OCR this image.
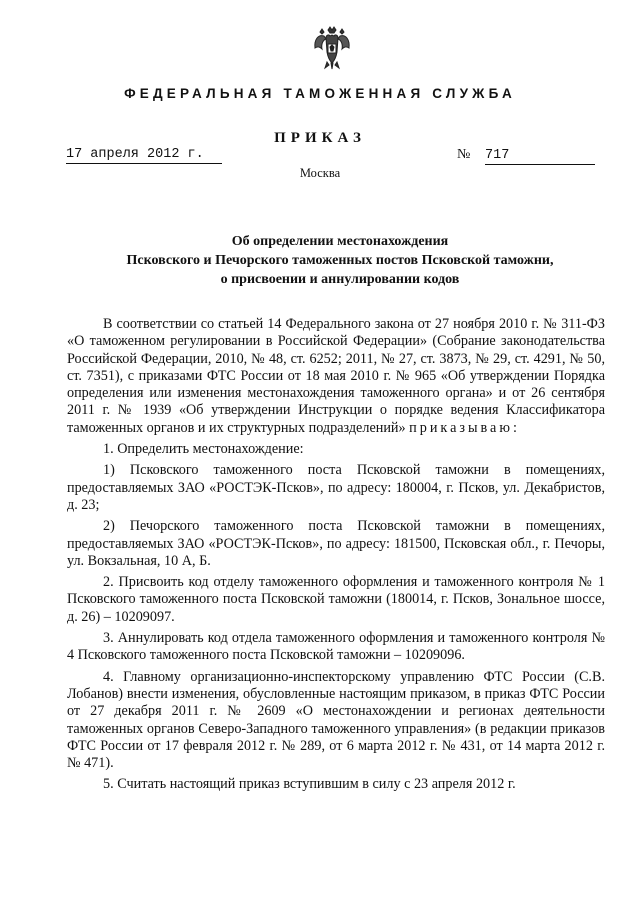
ФЕДЕРАЛЬНАЯ ТАМОЖЕННАЯ СЛУЖБА
ПРИКАЗ
17 апреля 2012 г.	№ 717
Москва
Об определении местонахождения
Псковского и Печорского таможенных постов Псковской таможни,
о присвоении и аннулировании кодов

В соответствии со статьей 14 Федерального закона от 27 ноября 2010 г. № 311-ФЗ «О таможенном регулировании в Российской Федерации» (Собрание законодательства Российской Федерации, 2010, № 48, ст. 6252; 2011, № 27, ст. 3873, № 29, ст. 4291, № 50, ст. 7351), с приказами ФТС России от 18 мая 2010 г. № 965 «Об утверждении Порядка определения или изменения местонахождения таможенного органа» и от 26 сентября 2011 г. № 1939 «Об утверждении Инструкции о порядке ведения Классификатора таможенных органов и их структурных подразделений» приказываю:

1. Определить местонахождение:

1) Псковского таможенного поста Псковской таможни в помещениях, предоставляемых ЗАО «РОСТЭК-Псков», по адресу: 180004, г. Псков, ул. Декабристов, д. 23;

2) Печорского таможенного поста Псковской таможни в помещениях, предоставляемых ЗАО «РОСТЭК-Псков», по адресу: 181500, Псковская обл., г. Печоры, ул. Вокзальная, 10 А, Б.

2. Присвоить код отделу таможенного оформления и таможенного контроля № 1 Псковского таможенного поста Псковской таможни (180014, г. Псков, Зональное шоссе, д. 26) – 10209097.

3. Аннулировать код отдела таможенного оформления и таможенного контроля № 4 Псковского таможенного поста Псковской таможни – 10209096.

4. Главному организационно-инспекторскому управлению ФТС России (С.В. Лобанов) внести изменения, обусловленные настоящим приказом, в приказ ФТС России от 27 декабря 2011 г. № 2609 «О местонахождении и регионах деятельности таможенных органов Северо-Западного таможенного управления» (в редакции приказов ФТС России от 17 февраля 2012 г. № 289, от 6 марта 2012 г. № 431, от 14 марта 2012 г. № 471).

5. Считать настоящий приказ вступившим в силу с 23 апреля 2012 г.
